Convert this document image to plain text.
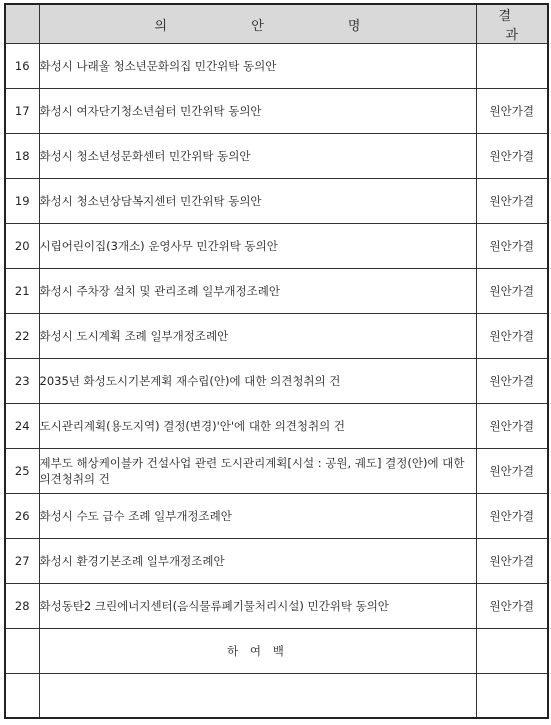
	의 안 명	결 과
16	화성시 나래울 청소년문화의집 민간위탁 동의안	
17	화성시 여자단기청소년쉼터 민간위탁 동의안	원안가결
18	화성시 청소년성문화센터 민간위탁 동의안	원안가결
19	화성시 청소년상담복지센터 민간위탁 동의안	원안가결
20	시립어린이집(3개소) 운영사무 민간위탁 동의안	원안가결
21	화성시 주차장 설치 및 관리조례 일부개정조례안	원안가결
22	화성시 도시계획 조례 일부개정조례안	원안가결
23	2035년 화성도시기본계획 재수립(안)에 대한 의견청취의 건	원안가결
24	도시관리계획(용도지역) 결정(변경)'안'에 대한 의견청취의 건	원안가결
25	제부도 해상케이블카 건설사업 관련 도시관리계획[시설 : 공원, 궤도] 결정(안)에 대한 의견청취의 건	원안가결
26	화성시 수도 급수 조례 일부개정조례안	원안가결
27	화성시 환경기본조례 일부개정조례안	원안가결
28	화성동탄2 크린에너지센터(음식물류폐기물처리시설) 민간위탁 동의안	원안가결
	하 여 백	
